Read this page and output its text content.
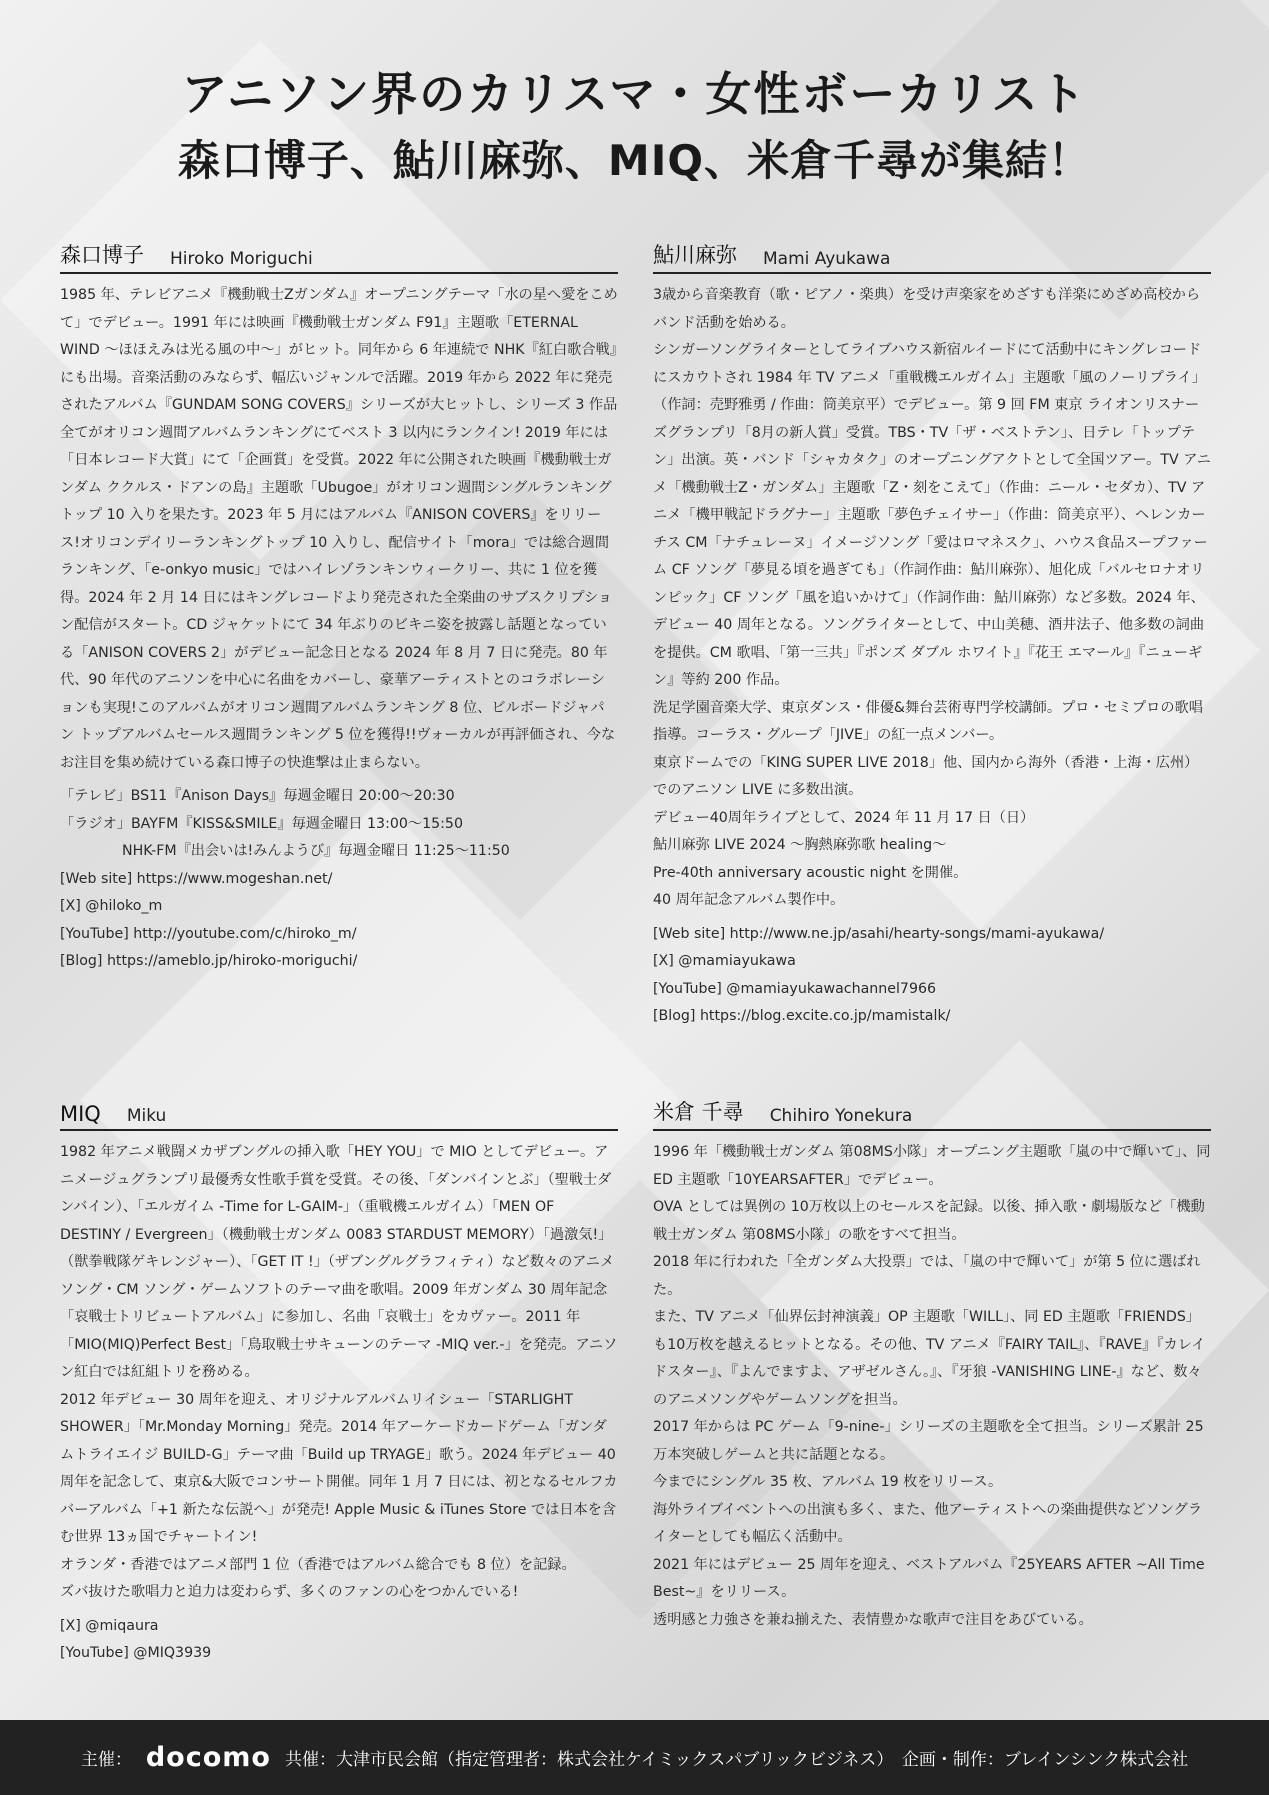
アニソン界のカリスマ・女性ボーカリスト
森口博子、鮎川麻弥、MIQ、米倉千尋が集結！
森口博子 Hiroko Moriguchi

1985 年、テレビアニメ『機動戦士Zガンダム』オープニングテーマ「水の星へ愛をこめて」でデビュー。1991 年には映画『機動戦士ガンダム F91』主題歌「ETERNAL WIND ～ほほえみは光る風の中～」がヒット。同年から 6 年連続で NHK『紅白歌合戦』にも出場。音楽活動のみならず、幅広いジャンルで活躍。2019 年から 2022 年に発売されたアルバム『GUNDAM SONG COVERS』シリーズが大ヒットし、シリーズ 3 作品全てがオリコン週間アルバムランキングにてベスト 3 以内にランクイン! 2019 年には「日本レコード大賞」にて「企画賞」を受賞。2022 年に公開された映画『機動戦士ガンダム ククルス・ドアンの島』主題歌「Ubugoe」がオリコン週間シングルランキングトップ 10 入りを果たす。2023 年 5 月にはアルバム『ANISON COVERS』をリリース!オリコンデイリーランキングトップ 10 入りし、配信サイト「mora」では総合週間ランキング、「e-onkyo music」ではハイレゾランキンウィークリー、共に 1 位を獲得。2024 年 2 月 14 日にはキングレコードより発売された全楽曲のサブスクリプション配信がスタート。CD ジャケットにて 34 年ぶりのビキニ姿を披露し話題となっている「ANISON COVERS 2」がデビュー記念日となる 2024 年 8 月 7 日に発売。80 年代、90 年代のアニソンを中心に名曲をカバーし、豪華アーティストとのコラボレーションも実現!このアルバムがオリコン週間アルバムランキング 8 位、ビルボードジャパン トップアルバムセールス週間ランキング 5 位を獲得!!ヴォーカルが再評価され、今なお注目を集め続けている森口博子の快進撃は止まらない。

「テレビ」BS11『Anison Days』毎週金曜日 20:00～20:30

「ラジオ」BAYFM『KISS&SMILE』毎週金曜日 13:00～15:50

NHK-FM『出会いは!みんようび』毎週金曜日 11:25～11:50

[Web site] https://www.mogeshan.net/

[X] @hiloko_m

[YouTube] http://youtube.com/c/hiroko_m/

[Blog] https://ameblo.jp/hiroko-moriguchi/

鮎川麻弥 Mami Ayukawa

3歳から音楽教育（歌・ピアノ・楽典）を受け声楽家をめざすも洋楽にめざめ高校からバンド活動を始める。

シンガーソングライターとしてライブハウス新宿ルイードにて活動中にキングレコードにスカウトされ 1984 年 TV アニメ「重戦機エルガイム」主題歌「風のノーリプライ」（作詞：売野雅勇 / 作曲：筒美京平）でデビュー。第 9 回 FM 東京 ライオンリスナーズグランプリ「8月の新人賞」受賞。TBS・TV「ザ・ベストテン」、日テレ「トップテン」出演。英・バンド「シャカタク」のオープニングアクトとして全国ツアー。TV アニメ「機動戦士Z・ガンダム」主題歌「Z・刻をこえて」（作曲：ニール・セダカ）、TV アニメ「機甲戦記ドラグナー」主題歌「夢色チェイサー」（作曲：筒美京平）、ヘレンカーチス CM「ナチュレーヌ」イメージソング「愛はロマネスク」、ハウス食品スープファーム CF ソング「夢見る頃を過ぎても」（作詞作曲：鮎川麻弥）、旭化成「バルセロナオリンピック」CF ソング「風を追いかけて」（作詞作曲：鮎川麻弥）など多数。2024 年、デビュー 40 周年となる。ソングライターとして、中山美穂、酒井法子、他多数の詞曲を提供。CM 歌唱、「第一三共」『ポンズ ダブル ホワイト』『花王 エマール』『ニューギン』等約 200 作品。

洗足学園音楽大学、東京ダンス・俳優&舞台芸術専門学校講師。プロ・セミプロの歌唱指導。コーラス・グループ「JIVE」の紅一点メンバー。

東京ドームでの「KING SUPER LIVE 2018」他、国内から海外（香港・上海・広州）でのアニソン LIVE に多数出演。

デビュー40周年ライブとして、2024 年 11 月 17 日（日）

鮎川麻弥 LIVE 2024 ～胸熱麻弥歌 healing～

Pre-40th anniversary acoustic night を開催。

40 周年記念アルバム製作中。

[Web site] http://www.ne.jp/asahi/hearty-songs/mami-ayukawa/

[X] @mamiayukawa

[YouTube] @mamiayukawachannel7966

[Blog] https://blog.excite.co.jp/mamistalk/

MIQ Miku

1982 年アニメ戦闘メカザブングルの挿入歌「HEY YOU」で MIO としてデビュー。アニメージュグランプリ最優秀女性歌手賞を受賞。その後、「ダンバインとぶ」（聖戦士ダンバイン）、「エルガイム -Time for L-GAIM-」（重戦機エルガイム）「MEN OF DESTINY / Evergreen」（機動戦士ガンダム 0083 STARDUST MEMORY）「過激気!」（獣拳戦隊ゲキレンジャー）、「GET IT !」（ザブングルグラフィティ）など数々のアニメソング・CM ソング・ゲームソフトのテーマ曲を歌唱。2009 年ガンダム 30 周年記念「哀戦士トリビュートアルバム」に参加し、名曲「哀戦士」をカヴァー。2011 年「MIO(MIQ)Perfect Best」「鳥取戦士サキューンのテーマ -MIQ ver.-」を発売。アニソン紅白では紅組トリを務める。

2012 年デビュー 30 周年を迎え、オリジナルアルバムリイシュー「STARLIGHT SHOWER」「Mr.Monday Morning」発売。2014 年アーケードカードゲーム「ガンダムトライエイジ BUILD-G」テーマ曲「Build up TRYAGE」歌う。2024 年デビュー 40周年を記念して、東京&大阪でコンサート開催。同年 1 月 7 日には、初となるセルフカバーアルバム「+1 新たな伝説へ」が発売! Apple Music & iTunes Store では日本を含む世界 13ヵ国でチャートイン!

オランダ・香港ではアニメ部門 1 位（香港ではアルバム総合でも 8 位）を記録。

ズバ抜けた歌唱力と迫力は変わらず、多くのファンの心をつかんでいる!

[X] @miqaura

[YouTube] @MIQ3939

米倉 千尋 Chihiro Yonekura

1996 年「機動戦士ガンダム 第08MS小隊」オープニング主題歌「嵐の中で輝いて」、同 ED 主題歌「10YEARSAFTER」でデビュー。

OVA としては異例の 10万枚以上のセールスを記録。以後、挿入歌・劇場版など「機動戦士ガンダム 第08MS小隊」の歌をすべて担当。

2018 年に行われた「全ガンダム大投票」では、「嵐の中で輝いて」が第 5 位に選ばれた。

また、TV アニメ「仙界伝封神演義」OP 主題歌「WILL」、同 ED 主題歌「FRIENDS」も10万枚を越えるヒットとなる。その他、TV アニメ『FAIRY TAIL』、『RAVE』『カレイドスター』、『よんでますよ、アザゼルさん。』、『牙狼 -VANISHING LINE-』など、数々のアニメソングやゲームソングを担当。

2017 年からは PC ゲーム「9-nine-」シリーズの主題歌を全て担当。シリーズ累計 25 万本突破しゲームと共に話題となる。

今までにシングル 35 枚、アルバム 19 枚をリリース。

海外ライブイベントへの出演も多く、また、他アーティストへの楽曲提供などソングライターとしても幅広く活動中。

2021 年にはデビュー 25 周年を迎え、ベストアルバム『25YEARS AFTER ~All Time Best~』をリリース。

透明感と力強さを兼ね揃えた、表情豊かな歌声で注目をあびている。

主催： docomo 共催：大津市民会館（指定管理者：株式会社ケイミックスパブリックビジネス）　企画・制作：ブレインシンク株式会社
